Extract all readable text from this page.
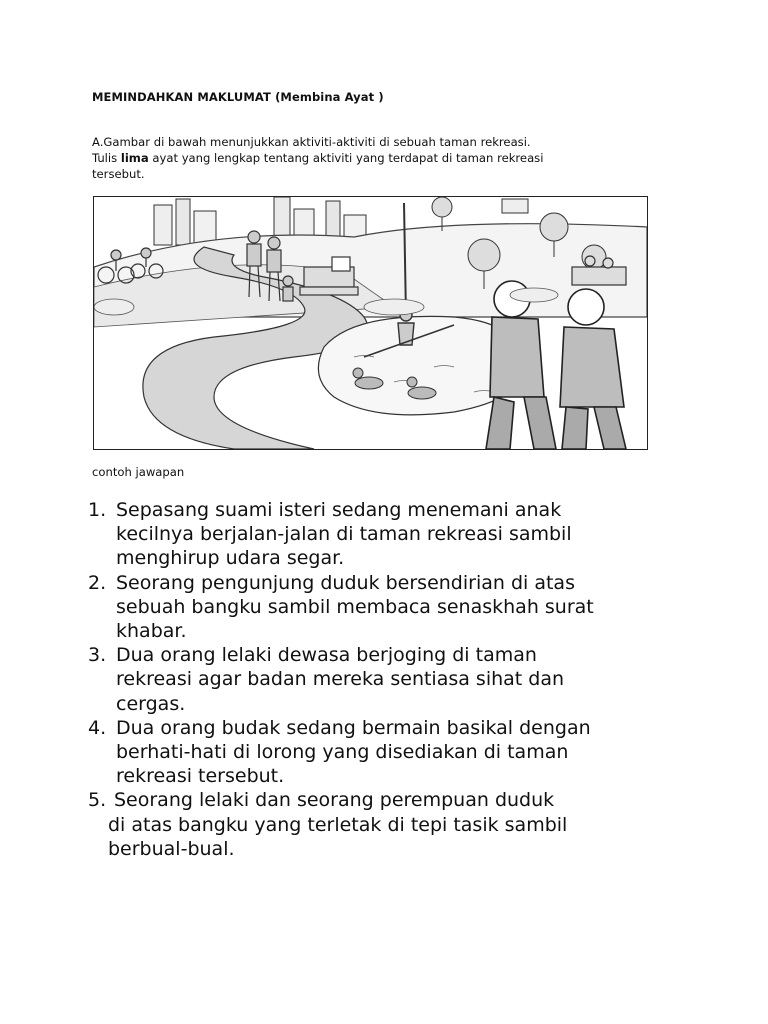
MEMINDAHKAN MAKLUMAT (Membina Ayat )
A.Gambar di bawah menunjukkan aktiviti-aktiviti di sebuah taman rekreasi.
Tulis lima ayat yang lengkap tentang aktiviti yang terdapat di taman rekreasi
tersebut.
contoh jawapan
1. Sepasang suami isteri sedang menemani anak
kecilnya berjalan-jalan di taman rekreasi sambil
menghirup udara segar.
2. Seorang pengunjung duduk bersendirian di atas
sebuah bangku sambil membaca senaskhah surat
khabar.
3. Dua orang lelaki dewasa berjoging di taman
rekreasi agar badan mereka sentiasa sihat dan
cergas.
4. Dua orang budak sedang bermain basikal dengan
berhati-hati di lorong yang disediakan di taman
rekreasi tersebut.
5. Seorang lelaki dan seorang perempuan duduk
di atas bangku yang terletak di tepi tasik sambil
berbual-bual.
